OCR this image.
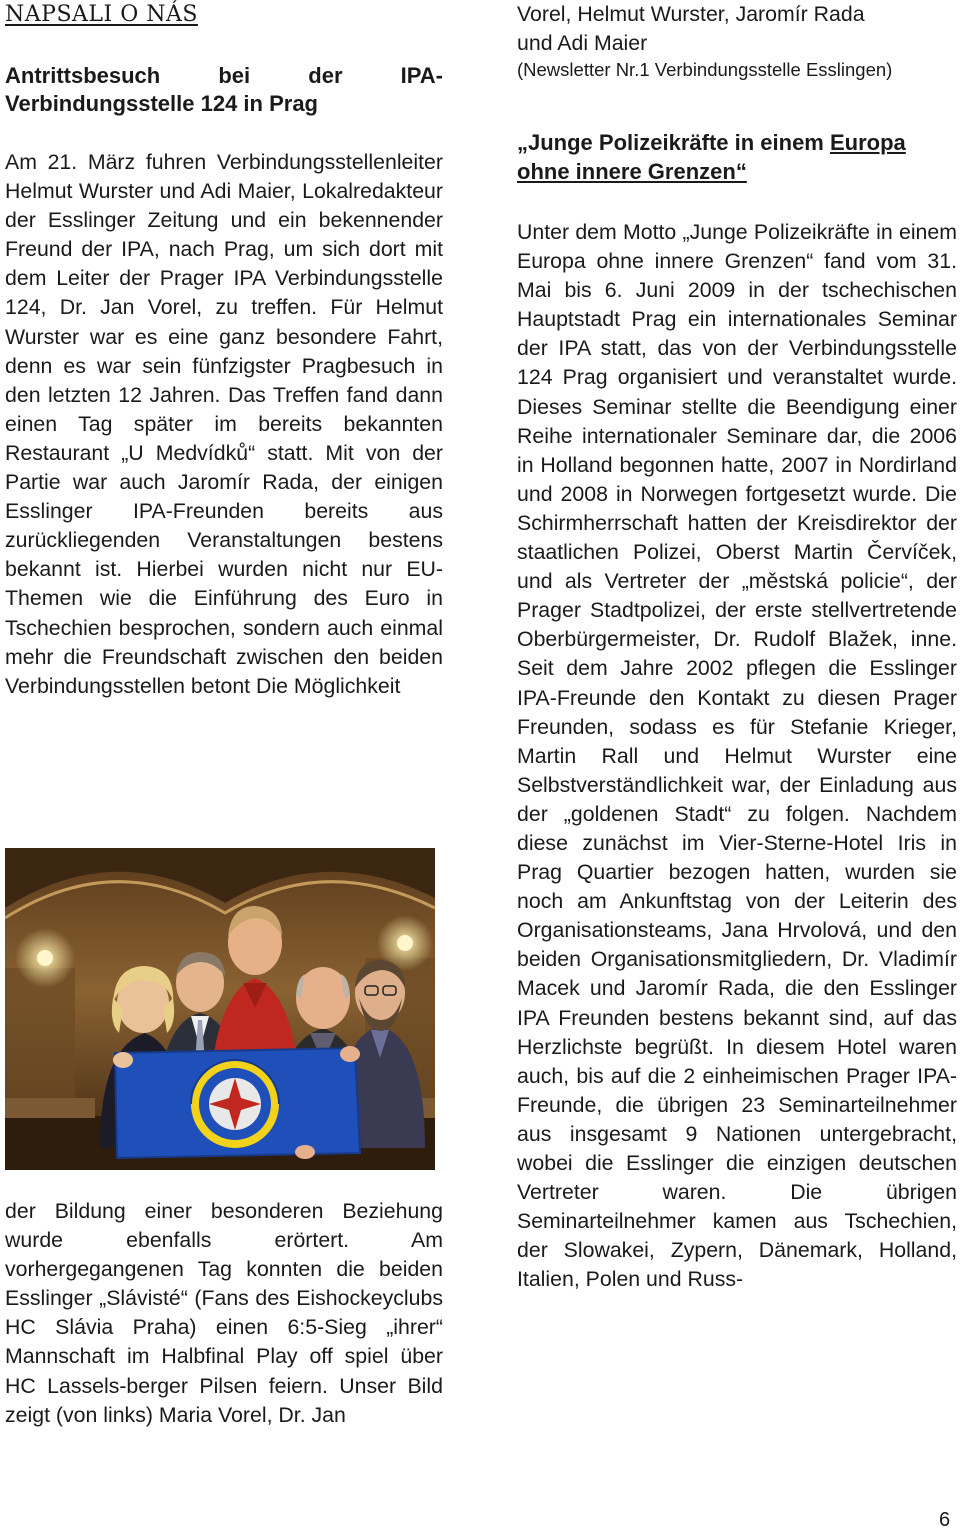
NAPSALI O NÁS
Antrittsbesuch bei der IPA-Verbindungsstelle 124 in Prag

Am 21. März fuhren Verbindungsstellenleiter Helmut Wurster und Adi Maier, Lokalredakteur der Esslinger Zeitung und ein bekennender Freund der IPA, nach Prag, um sich dort mit dem Leiter der Prager IPA Verbindungsstelle 124, Dr. Jan Vorel, zu treffen. Für Helmut Wurster war es eine ganz besondere Fahrt, denn es war sein fünfzigster Pragbesuch in den letzten 12 Jahren. Das Treffen fand dann einen Tag später im bereits bekannten Restaurant „U Medvídků“ statt. Mit von der Partie war auch Jaromír Rada, der einigen Esslinger IPA-Freunden bereits aus zurückliegenden Veranstaltungen bestens bekannt ist. Hierbei wurden nicht nur EU-Themen wie die Einführung des Euro in Tschechien besprochen, sondern auch einmal mehr die Freundschaft zwischen den beiden Verbindungsstellen betont Die Möglichkeit

der Bildung einer besonderen Beziehung wurde ebenfalls erörtert. Am vorhergegangenen Tag konnten die beiden Esslinger „Slávisté“ (Fans des Eishockeyclubs HC Slávia Praha) einen 6:5-Sieg „ihrer“ Mannschaft im Halbfinal Play off spiel über HC Lassels-berger Pilsen feiern. Unser Bild zeigt (von links) Maria Vorel, Dr. Jan

Vorel, Helmut Wurster, Jaromír Rada

und Adi Maier

(Newsletter Nr.1 Verbindungsstelle Esslingen)

„Junge Polizeikräfte in einem Europa ohne innere Grenzen“

Unter dem Motto „Junge Polizeikräfte in einem Europa ohne innere Grenzen“ fand vom 31. Mai bis 6. Juni 2009 in der tschechischen Hauptstadt Prag ein internationales Seminar der IPA statt, das von der Verbindungsstelle 124 Prag organisiert und veranstaltet wurde. Dieses Seminar stellte die Beendigung einer Reihe internationaler Seminare dar, die 2006 in Holland begonnen hatte, 2007 in Nordirland und 2008 in Norwegen fortgesetzt wurde. Die Schirmherrschaft hatten der Kreisdirektor der staatlichen Polizei, Oberst Martin Červíček, und als Vertreter der „městská policie“, der Prager Stadtpolizei, der erste stellvertretende Oberbürgermeister, Dr. Rudolf Blažek, inne. Seit dem Jahre 2002 pflegen die Esslinger IPA-Freunde den Kontakt zu diesen Prager Freunden, sodass es für Stefanie Krieger, Martin Rall und Helmut Wurster eine Selbstverständlichkeit war, der Einladung aus der „goldenen Stadt“ zu folgen. Nachdem diese zunächst im Vier-Sterne-Hotel Iris in Prag Quartier bezogen hatten, wurden sie noch am Ankunftstag von der Leiterin des Organisationsteams, Jana Hrvolová, und den beiden Organisationsmitgliedern, Dr. Vladimír Macek und Jaromír Rada, die den Esslinger IPA Freunden bestens bekannt sind, auf das Herzlichste begrüßt. In diesem Hotel waren auch, bis auf die 2 einheimischen Prager IPA-Freunde, die übrigen 23 Seminarteilnehmer aus insgesamt 9 Nationen untergebracht, wobei die Esslinger die einzigen deutschen Vertreter waren. Die übrigen Seminarteilnehmer kamen aus Tschechien, der Slowakei, Zypern, Dänemark, Holland, Italien, Polen und Russ-

6
